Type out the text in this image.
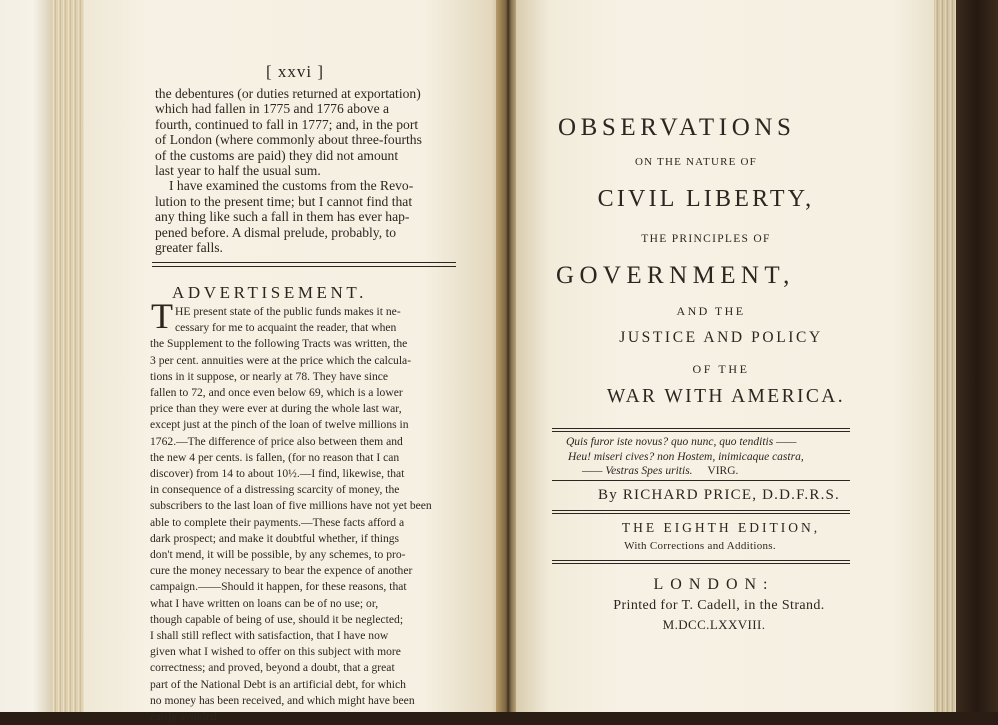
[ xxvi ]
the debentures (or duties returned at exportation)
which had fallen in 1775 and 1776 above a
fourth, continued to fall in 1777; and, in the port
of London (where commonly about three-fourths
of the customs are paid) they did not amount
last year to half the usual sum.
I have examined the customs from the Revo-
lution to the present time; but I cannot find that
any thing like such a fall in them has ever hap-
pened before. A dismal prelude, probably, to
greater falls.
ADVERTISEMENT.
T HE present state of the public funds makes it ne-
cessary for me to acquaint the reader, that when
the Supplement to the following Tracts was written, the
3 per cent. annuities were at the price which the calcula-
tions in it suppose, or nearly at 78. They have since
fallen to 72, and once even below 69, which is a lower
price than they were ever at during the whole last war,
except just at the pinch of the loan of twelve millions in
1762.—The difference of price also between them and
the new 4 per cents. is fallen, (for no reason that I can
discover) from 14 to about 10½.—I find, likewise, that
in consequence of a distressing scarcity of money, the
subscribers to the last loan of five millions have not yet been
able to complete their payments.—These facts afford a
dark prospect; and make it doubtful whether, if things
don't mend, it will be possible, by any schemes, to pro-
cure the money necessary to bear the expence of another
campaign.——Should it happen, for these reasons, that
what I have written on loans can be of no use; or,
though capable of being of use, should it be neglected;
I shall still reflect with satisfaction, that I have now
given what I wished to offer on this subject with more
correctness; and proved, beyond a doubt, that a great
part of the National Debt is an artificial debt, for which
no money has been received, and which might have been
easily avoided.
OBSERVATIONS
ON THE NATURE OF
CIVIL LIBERTY,
THE PRINCIPLES OF
GOVERNMENT,
AND THE
JUSTICE AND POLICY
OF THE
WAR WITH AMERICA.
Quis furor iste novus? quo nunc, quo tenditis ——
Heu! miseri cives? non Hostem, inimicaque castra,
—— Vestras Spes uritis. VIRG.
By RICHARD PRICE, D.D.F.R.S.
THE EIGHTH EDITION,
With Corrections and Additions.
LONDON:
Printed for T. Cadell, in the Strand.
M.DCC.LXXVIII.
